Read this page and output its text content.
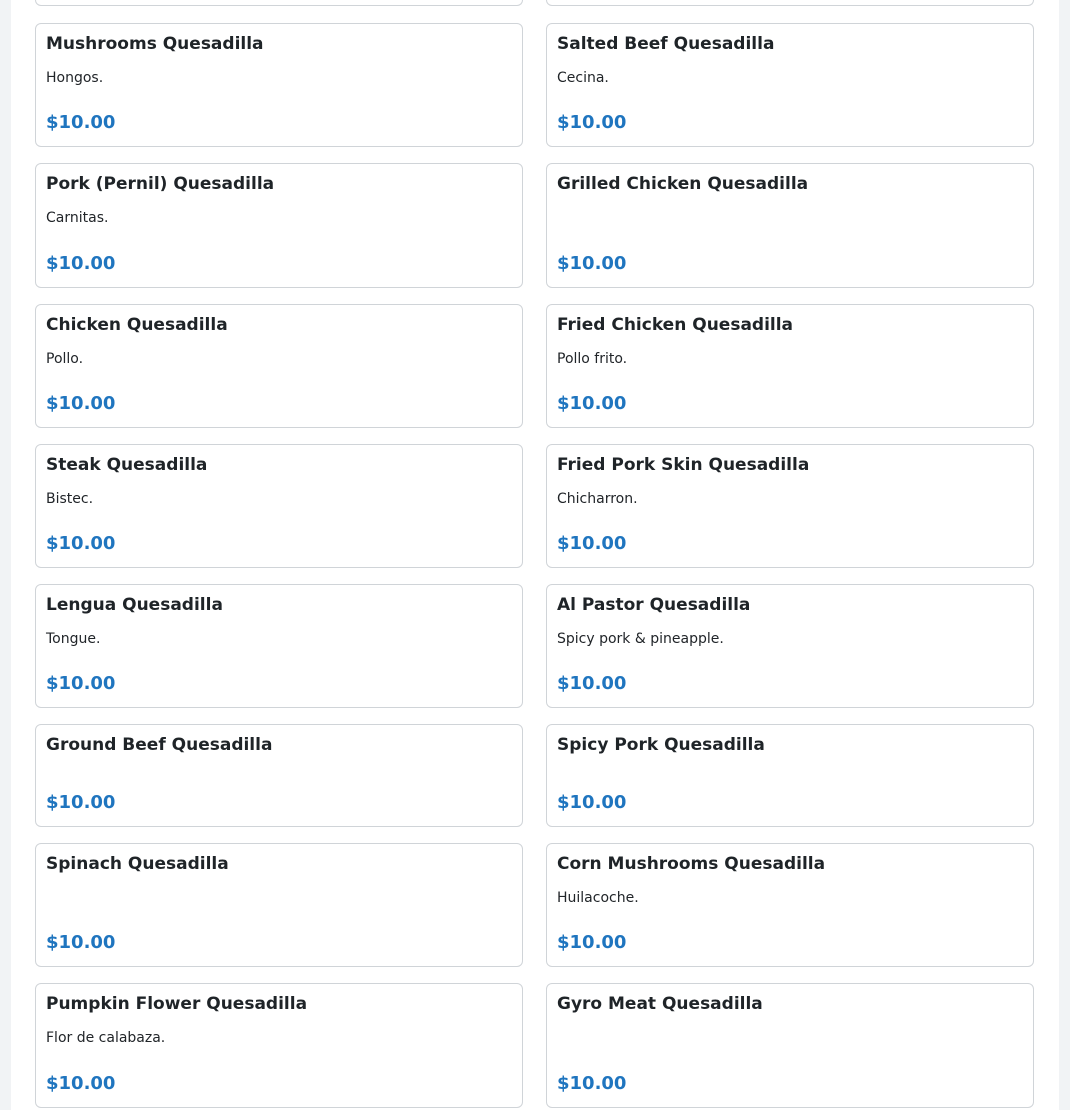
Mushrooms Quesadilla
Hongos.
$10.00
Salted Beef Quesadilla
Cecina.
$10.00
Pork (Pernil) Quesadilla
Carnitas.
$10.00
Grilled Chicken Quesadilla
$10.00
Chicken Quesadilla
Pollo.
$10.00
Fried Chicken Quesadilla
Pollo frito.
$10.00
Steak Quesadilla
Bistec.
$10.00
Fried Pork Skin Quesadilla
Chicharron.
$10.00
Lengua Quesadilla
Tongue.
$10.00
Al Pastor Quesadilla
Spicy pork & pineapple.
$10.00
Ground Beef Quesadilla
$10.00
Spicy Pork Quesadilla
$10.00
Spinach Quesadilla
$10.00
Corn Mushrooms Quesadilla
Huilacoche.
$10.00
Pumpkin Flower Quesadilla
Flor de calabaza.
$10.00
Gyro Meat Quesadilla
$10.00
